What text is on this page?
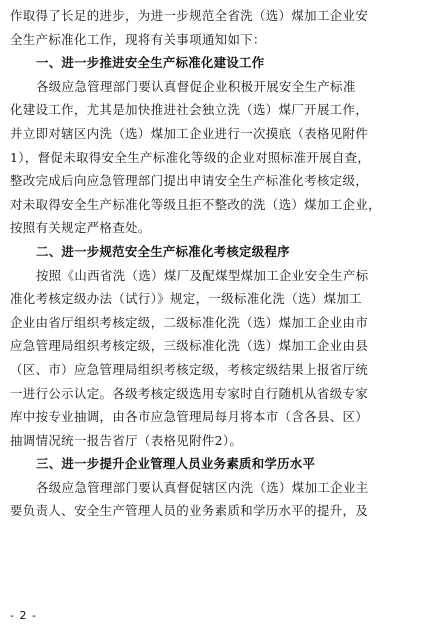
作取得了长足的进步，为进一步规范全省洗（选）煤加工企业安
全生产标准化工作，现将有关事项通知如下：
一、进一步推进安全生产标准化建设工作
各级应急管理部门要认真督促企业积极开展安全生产标准
化建设工作，尤其是加快推进社会独立洗（选）煤厂开展工作，
并立即对辖区内洗（选）煤加工企业进行一次摸底（表格见附件
1），督促未取得安全生产标准化等级的企业对照标准开展自查，
整改完成后向应急管理部门提出申请安全生产标准化考核定级，
对未取得安全生产标准化等级且拒不整改的洗（选）煤加工企业，
按照有关规定严格查处。
二、进一步规范安全生产标准化考核定级程序
按照《山西省洗（选）煤厂及配煤型煤加工企业安全生产标
准化考核定级办法（试行）》规定，一级标准化洗（选）煤加工
企业由省厅组织考核定级，二级标准化洗（选）煤加工企业由市
应急管理局组织考核定级，三级标准化洗（选）煤加工企业由县
（区、市）应急管理局组织考核定级，考核定级结果上报省厅统
一进行公示认定。各级考核定级选用专家时自行随机从省级专家
库中按专业抽调，由各市应急管理局每月将本市（含各县、区）
抽调情况统一报告省厅（表格见附件2）。
三、进一步提升企业管理人员业务素质和学历水平
各级应急管理部门要认真督促辖区内洗（选）煤加工企业主
要负责人、安全生产管理人员的业务素质和学历水平的提升，及
- 2 -
